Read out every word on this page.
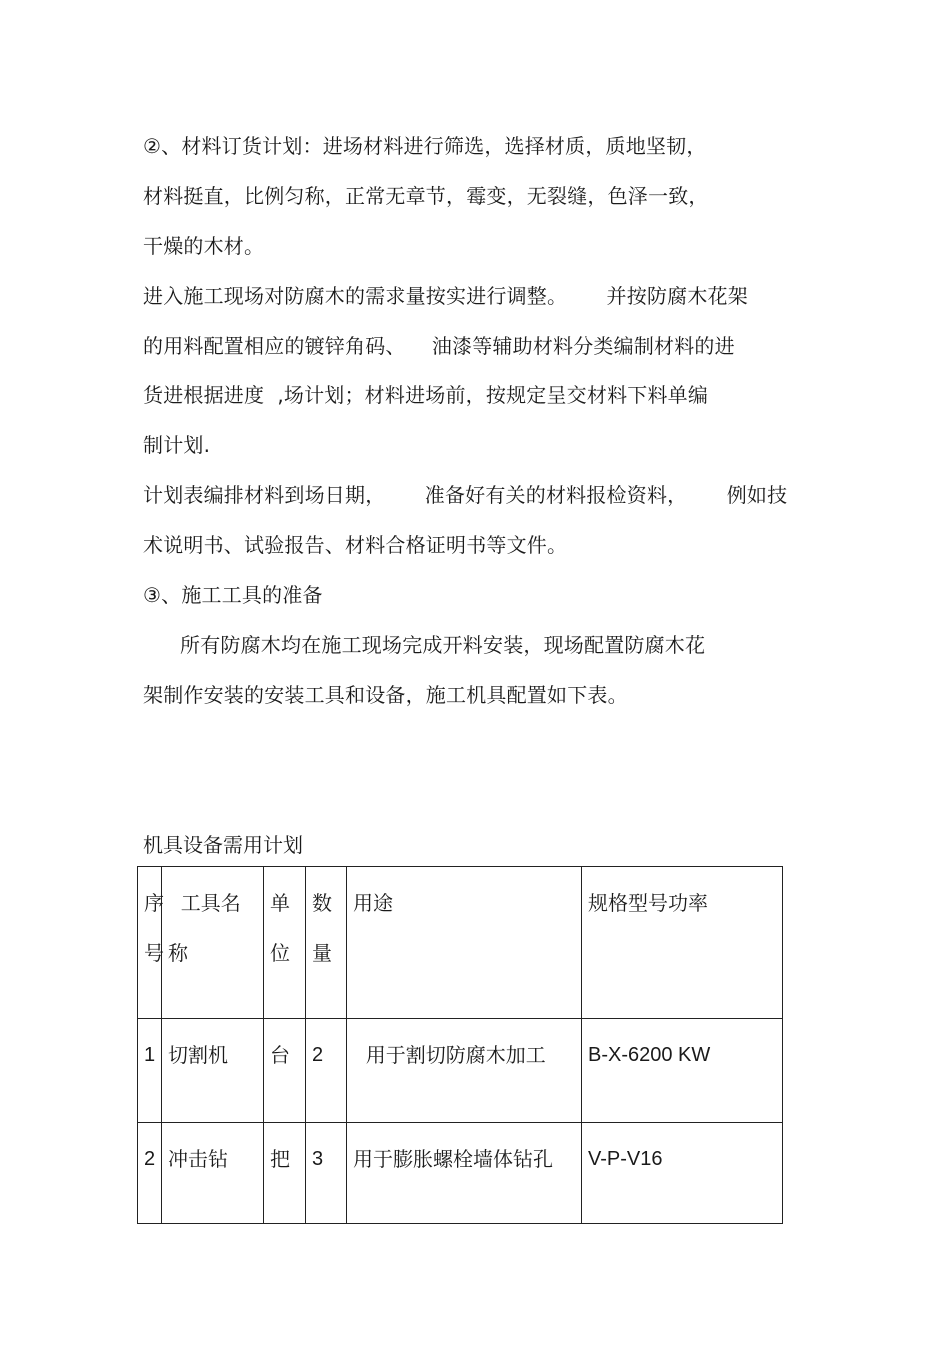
②、材料订货计划：进场材料进行筛选，选择材质，质地坚韧，
材料挺直，比例匀称，正常无章节，霉变，无裂缝，色泽一致，
干燥的木材。
进入施工现场对防腐木的需求量按实进行调整。      并按防腐木花架
的用料配置相应的镀锌角码、    油漆等辅助材料分类编制材料的进
货进根据进度  ,场计划；材料进场前，按规定呈交材料下料单编
制计划.
计划表编排材料到场日期，      准备好有关的材料报检资料，      例如技
术说明书、试验报告、材料合格证明书等文件。
③、施工工具的准备
所有防腐木均在施工现场完成开料安装，现场配置防腐木花
架制作安装的安装工具和设备，施工机具配置如下表。
机具设备需用计划
序号	工具名称	单位	数量	用途	规格型号功率
1	切割机	台	2	用于割切防腐木加工	B-X-6200 KW
2	冲击钻	把	3	用于膨胀螺栓墙体钻孔	V-P-V16
